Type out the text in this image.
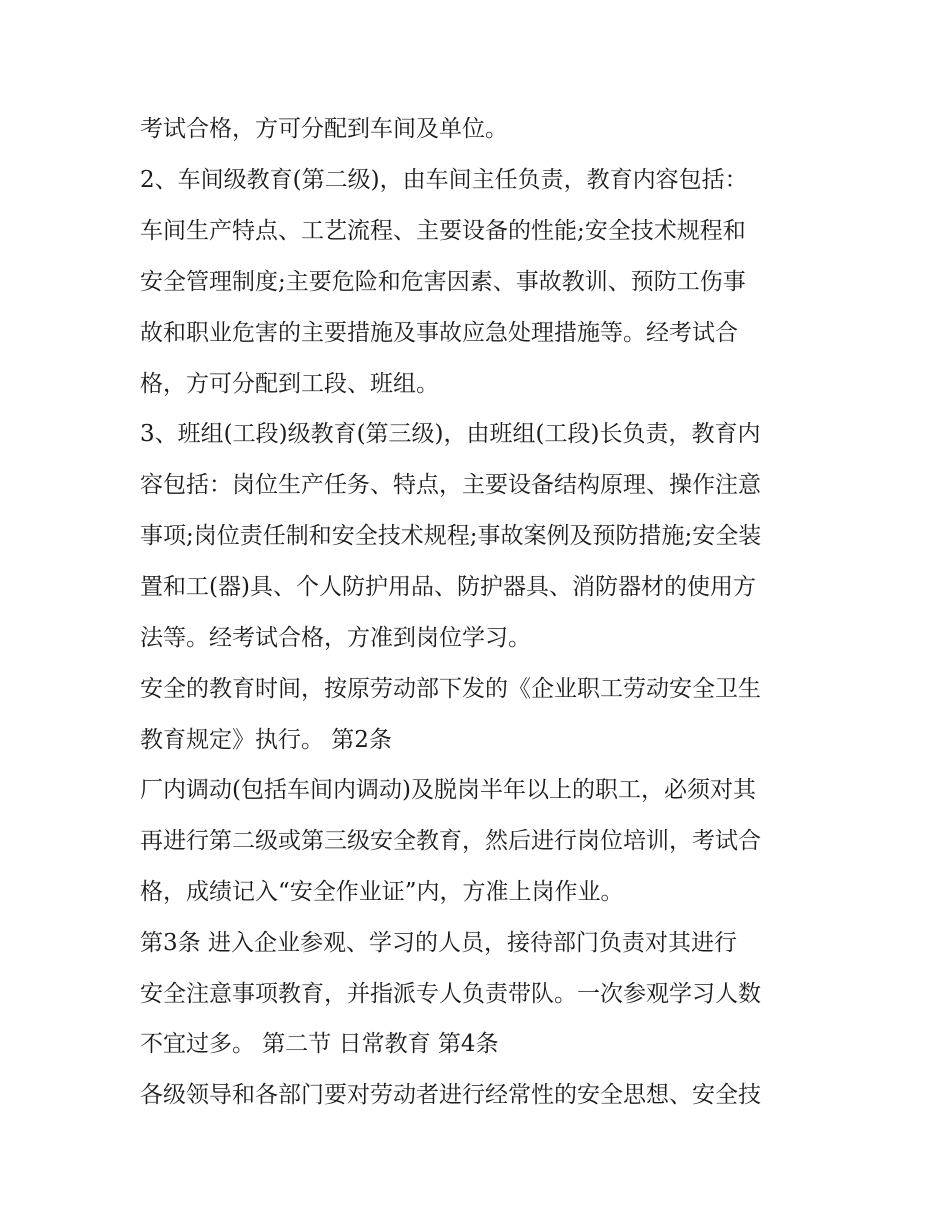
考试合格，方可分配到车间及单位。

2、车间级教育(第二级)，由车间主任负责，教育内容包括：

车间生产特点、工艺流程、主要设备的性能;安全技术规程和

安全管理制度;主要危险和危害因素、事故教训、预防工伤事

故和职业危害的主要措施及事故应急处理措施等。经考试合

格，方可分配到工段、班组。

3、班组(工段)级教育(第三级)，由班组(工段)长负责，教育内

容包括：岗位生产任务、特点，主要设备结构原理、操作注意

事项;岗位责任制和安全技术规程;事故案例及预防措施;安全装

置和工(器)具、个人防护用品、防护器具、消防器材的使用方

法等。经考试合格，方准到岗位学习。

安全的教育时间，按原劳动部下发的《企业职工劳动安全卫生

教育规定》执行。 第2条

厂内调动(包括车间内调动)及脱岗半年以上的职工，必须对其

再进行第二级或第三级安全教育，然后进行岗位培训，考试合

格，成绩记入“安全作业证”内，方准上岗作业。

第3条 进入企业参观、学习的人员，接待部门负责对其进行

安全注意事项教育，并指派专人负责带队。一次参观学习人数

不宜过多。 第二节 日常教育 第4条

各级领导和各部门要对劳动者进行经常性的安全思想、安全技
